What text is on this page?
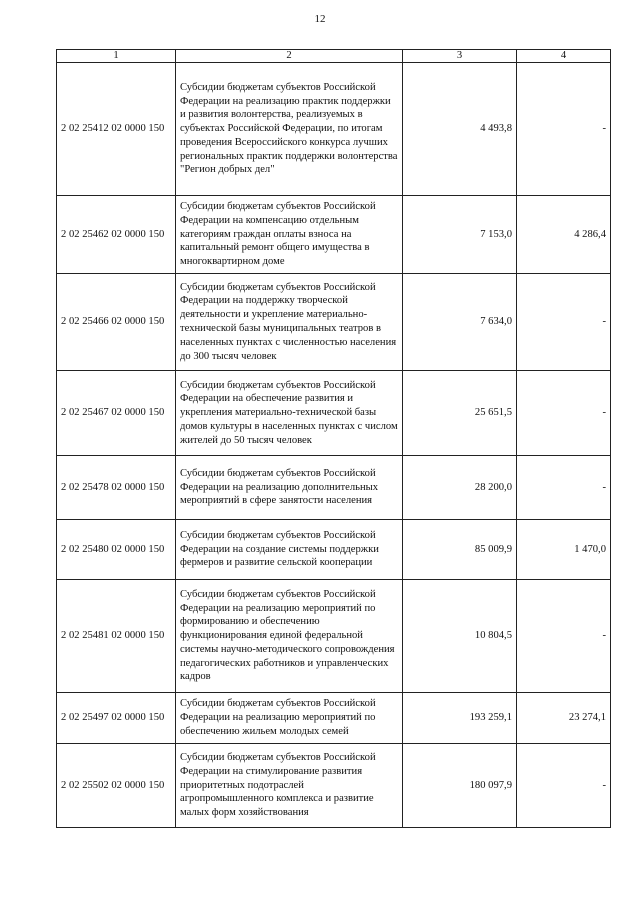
12
1	2	3	4
2 02 25412 02 0000 150	Субсидии бюджетам субъектов Российской Федерации на реализацию практик поддержки и развития волонтерства, реализуемых в субъектах Российской Федерации, по итогам проведения Всероссийского конкурса лучших региональных практик поддержки волонтерства "Регион добрых дел"	4 493,8	-
2 02 25462 02 0000 150	Субсидии бюджетам субъектов Российской Федерации на компенсацию отдельным категориям граждан оплаты взноса на капитальный ремонт общего имущества в многоквартирном доме	7 153,0	4 286,4
2 02 25466 02 0000 150	Субсидии бюджетам субъектов Российской Федерации на поддержку творческой деятельности и укрепление материально-технической базы муниципальных театров в населенных пунктах с численностью населения до 300 тысяч человек	7 634,0	-
2 02 25467 02 0000 150	Субсидии бюджетам субъектов Российской Федерации на обеспечение развития и укрепления материально-технической базы домов культуры в населенных пунктах с числом жителей до 50 тысяч человек	25 651,5	-
2 02 25478 02 0000 150	Субсидии бюджетам субъектов Российской Федерации на реализацию дополнительных мероприятий в сфере занятости населения	28 200,0	-
2 02 25480 02 0000 150	Субсидии бюджетам субъектов Российской Федерации на создание системы поддержки фермеров и развитие сельской кооперации	85 009,9	1 470,0
2 02 25481 02 0000 150	Субсидии бюджетам субъектов Российской Федерации на реализацию мероприятий по формированию и обеспечению функционирования единой федеральной системы научно-методического сопровождения педагогических работников и управленческих кадров	10 804,5	-
2 02 25497 02 0000 150	Субсидии бюджетам субъектов Российской Федерации на реализацию мероприятий по обеспечению жильем молодых семей	193 259,1	23 274,1
2 02 25502 02 0000 150	Субсидии бюджетам субъектов Российской Федерации на стимулирование развития приоритетных подотраслей агропромышленного комплекса и развитие малых форм хозяйствования	180 097,9	-
